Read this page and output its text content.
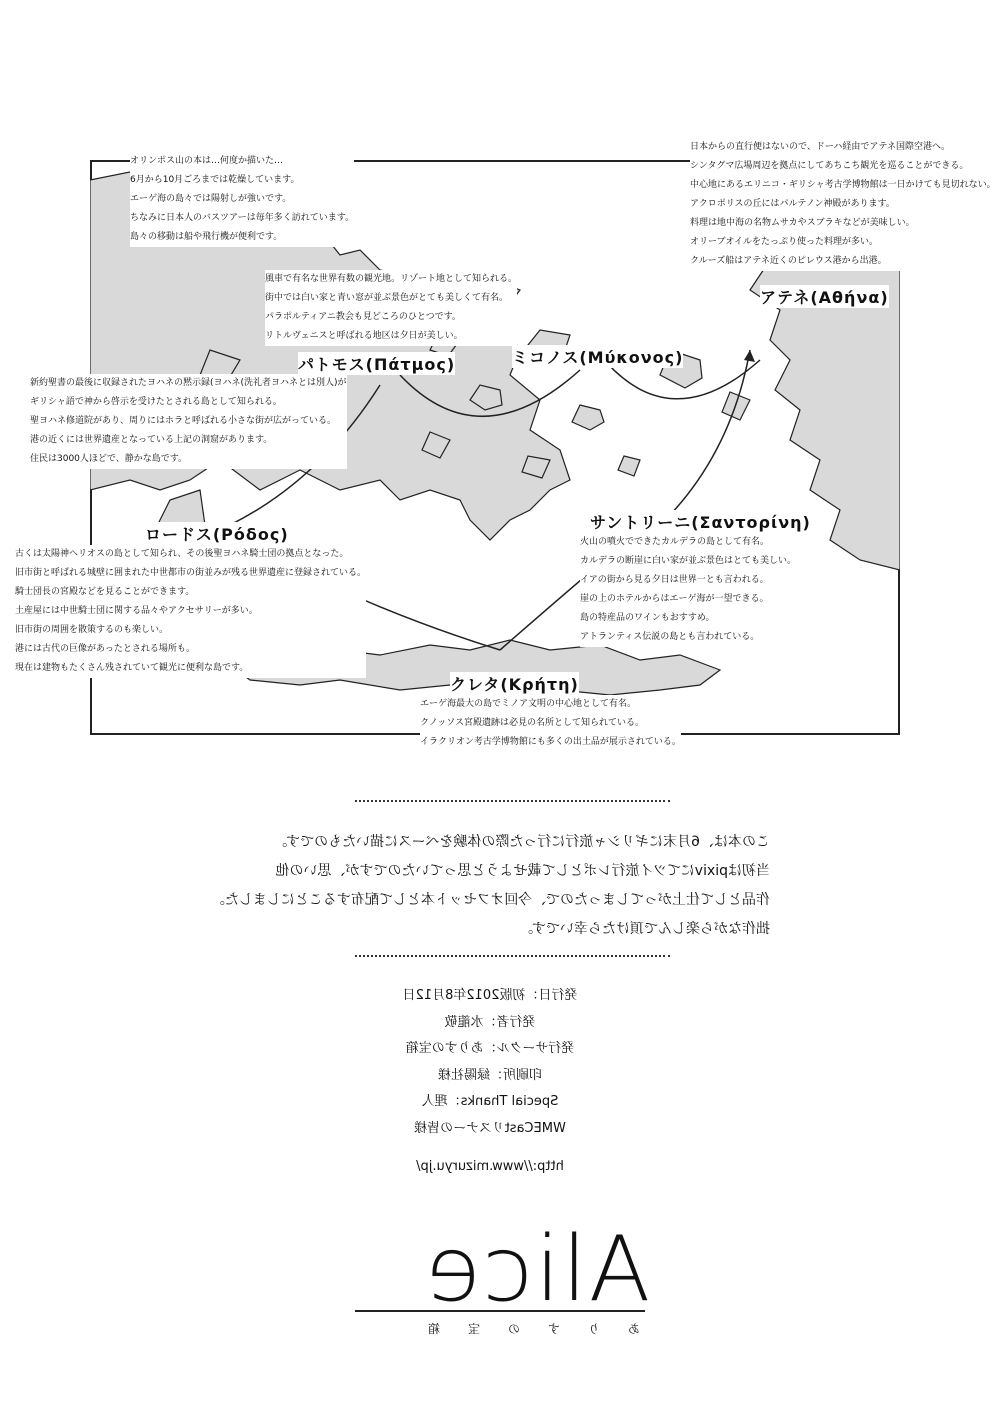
この本は、6月末にギリシャ旅行に行った際の体験をベースに描いたものです。
当初はpixivにてツイ旅行レポとして載せようと思っていたのですが、思いの他
作品として仕上がってしまったので、今回オフセット本として配布することにしました。
拙作ながら楽しんで頂けたら幸いです。
発行日：初版2012年8月12日
発行者：水龍敬
発行サークル：ありすの宝箱
印刷所：緑陽社様
Special Thanks：理人
WMECastリスナーの皆様
http://www.mizuryu.jp/
Alice
ありすの宝箱
アテネ(Αθήνα)
ミコノス(Μύκονος)
パトモス(Πάτμος)
サントリーニ(Σαντορίνη)
ロードス(Ρόδος)
クレタ(Κρήτη)
オリンポス山の本は…何度か描いた…
6月から10月ごろまでは乾燥しています。
エーゲ海の島々では陽射しが強いです。
ちなみに日本人のバスツアーは毎年多く訪れています。
島々の移動は船や飛行機が便利です。
日本からの直行便はないので、ドーハ経由でアテネ国際空港へ。
シンタグマ広場周辺を拠点にしてあちこち観光を巡ることができる。
中心地にあるエリニコ・ギリシャ考古学博物館は一日かけても見切れない。
アクロポリスの丘にはパルテノン神殿があります。
料理は地中海の名物ムサカやスブラキなどが美味しい。
オリーブオイルをたっぷり使った料理が多い。
クルーズ船はアテネ近くのピレウス港から出港。
風車で有名な世界有数の観光地。リゾート地として知られる。
街中では白い家と青い窓が並ぶ景色がとても美しくて有名。
パラポルティアニ教会も見どころのひとつです。
リトルヴェニスと呼ばれる地区は夕日が美しい。
新約聖書の最後に収録されたヨハネの黙示録(ヨハネ(洗礼者ヨハネとは別人)が
ギリシャ語で神から啓示を受けたとされる島として知られる。
聖ヨハネ修道院があり、周りにはホラと呼ばれる小さな街が広がっている。
港の近くには世界遺産となっている上記の洞窟があります。
住民は3000人ほどで、静かな島です。
火山の噴火でできたカルデラの島として有名。
カルデラの断崖に白い家が並ぶ景色はとても美しい。
イアの街から見る夕日は世界一とも言われる。
崖の上のホテルからはエーゲ海が一望できる。
島の特産品のワインもおすすめ。
アトランティス伝説の島とも言われている。
古くは太陽神ヘリオスの島として知られ、その後聖ヨハネ騎士団の拠点となった。
旧市街と呼ばれる城壁に囲まれた中世都市の街並みが残る世界遺産に登録されている。
騎士団長の宮殿などを見ることができます。
土産屋には中世騎士団に関する品々やアクセサリーが多い。
旧市街の周囲を散策するのも楽しい。
港には古代の巨像があったとされる場所も。
現在は建物もたくさん残されていて観光に便利な島です。
エーゲ海最大の島でミノア文明の中心地として有名。
クノッソス宮殿遺跡は必見の名所として知られている。
イラクリオン考古学博物館にも多くの出土品が展示されている。
